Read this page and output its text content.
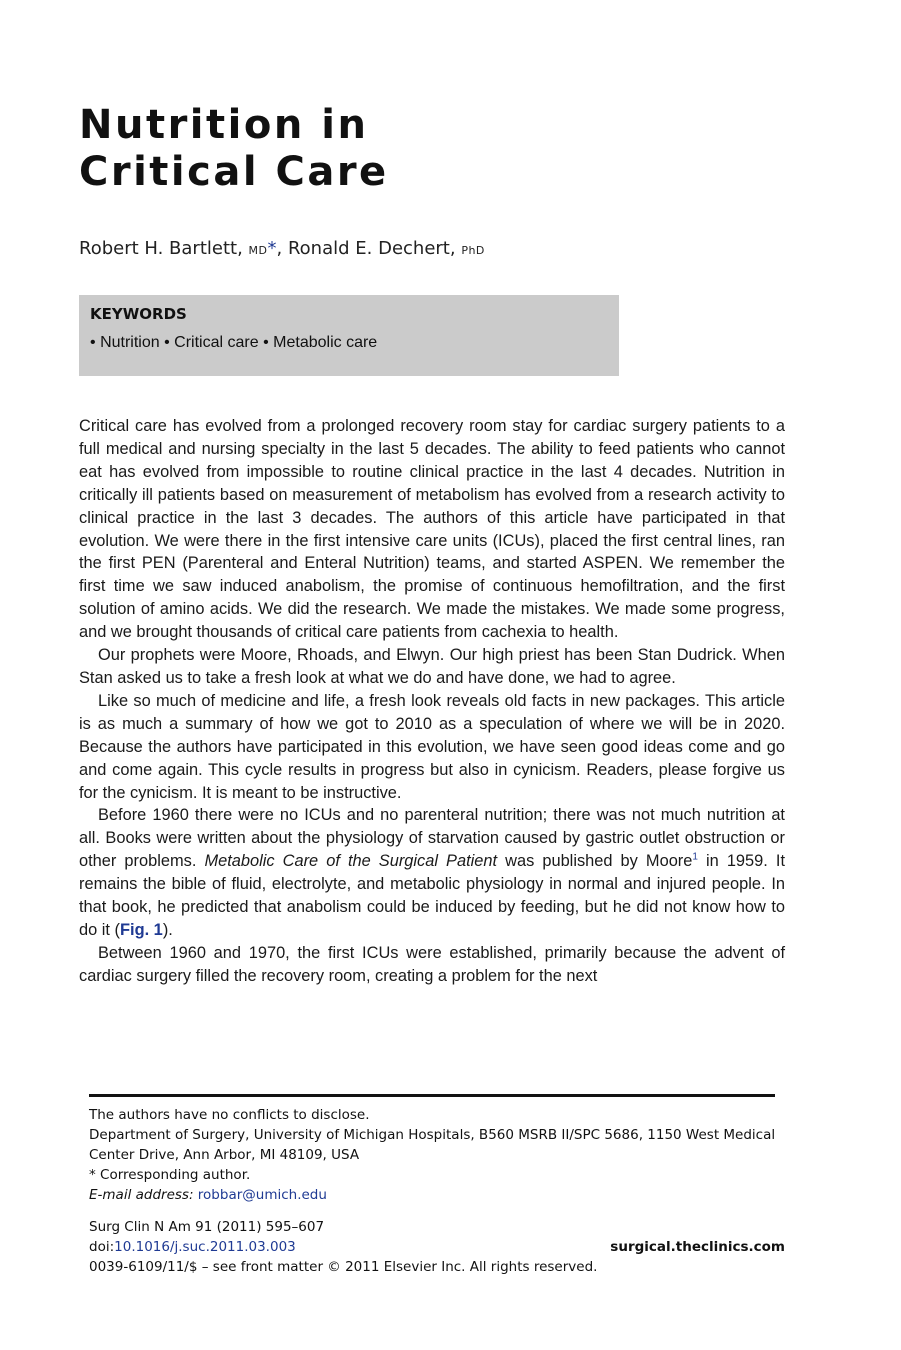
Nutrition in
Critical Care
Robert H. Bartlett, MD*, Ronald E. Dechert, PhD
KEYWORDS
• Nutrition • Critical care • Metabolic care

Critical care has evolved from a prolonged recovery room stay for cardiac surgery patients to a full medical and nursing specialty in the last 5 decades. The ability to feed patients who cannot eat has evolved from impossible to routine clinical practice in the last 4 decades. Nutrition in critically ill patients based on measurement of metabolism has evolved from a research activity to clinical practice in the last 3 decades. The authors of this article have participated in that evolution. We were there in the first intensive care units (ICUs), placed the first central lines, ran the first PEN (Parenteral and Enteral Nutrition) teams, and started ASPEN. We remember the first time we saw induced anabolism, the promise of continuous hemofiltration, and the first solution of amino acids. We did the research. We made the mistakes. We made some progress, and we brought thousands of critical care patients from cachexia to health.

Our prophets were Moore, Rhoads, and Elwyn. Our high priest has been Stan Dudrick. When Stan asked us to take a fresh look at what we do and have done, we had to agree.

Like so much of medicine and life, a fresh look reveals old facts in new packages. This article is as much a summary of how we got to 2010 as a speculation of where we will be in 2020. Because the authors have participated in this evolution, we have seen good ideas come and go and come again. This cycle results in progress but also in cynicism. Readers, please forgive us for the cynicism. It is meant to be instructive.

Before 1960 there were no ICUs and no parenteral nutrition; there was not much nutrition at all. Books were written about the physiology of starvation caused by gastric outlet obstruction or other problems. Metabolic Care of the Surgical Patient was published by Moore$^1$ in 1959. It remains the bible of fluid, electrolyte, and metabolic physiology in normal and injured people. In that book, he predicted that anabolism could be induced by feeding, but he did not know how to do it (Fig. 1).

Between 1960 and 1970, the first ICUs were established, primarily because the advent of cardiac surgery filled the recovery room, creating a problem for the next

The authors have no conflicts to disclose.
Department of Surgery, University of Michigan Hospitals, B560 MSRB II/SPC 5686, 1150 West Medical Center Drive, Ann Arbor, MI 48109, USA
* Corresponding author.
E-mail address: robbar@umich.edu
Surg Clin N Am 91 (2011) 595–607
doi:10.1016/j.suc.2011.03.003	surgical.theclinics.com
0039-6109/11/$ – see front matter © 2011 Elsevier Inc. All rights reserved.
